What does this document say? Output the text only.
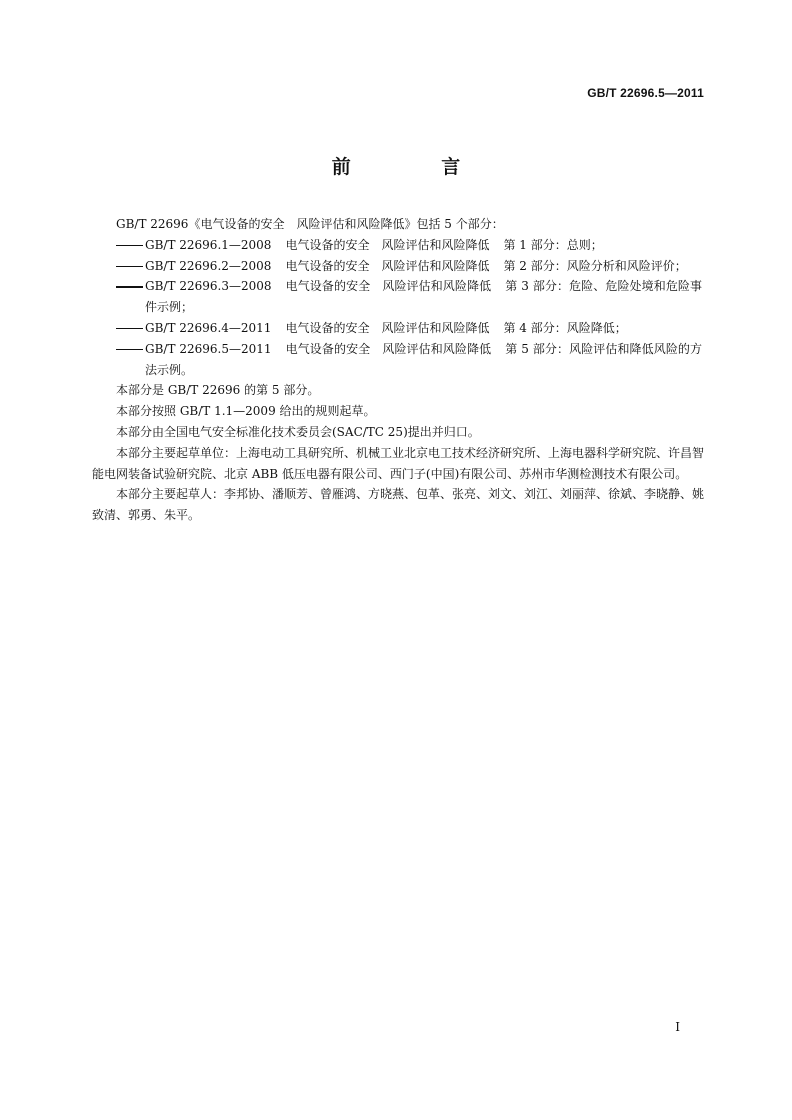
GB/T 22696.5—2011
前 言

GB/T 22696《电气设备的安全　风险评估和风险降低》包括 5 个部分：

GB/T 22696.1—2008 电气设备的安全　风险评估和风险降低 第 1 部分：总则；
GB/T 22696.2—2008 电气设备的安全　风险评估和风险降低 第 2 部分：风险分析和风险评价；
GB/T 22696.3—2008 电气设备的安全　风险评估和风险降低 第 3 部分：危险、危险处境和危险事件示例；
GB/T 22696.4—2011 电气设备的安全　风险评估和风险降低 第 4 部分：风险降低；
GB/T 22696.5—2011 电气设备的安全　风险评估和风险降低 第 5 部分：风险评估和降低风险的方法示例。

本部分是 GB/T 22696 的第 5 部分。

本部分按照 GB/T 1.1—2009 给出的规则起草。

本部分由全国电气安全标准化技术委员会(SAC/TC 25)提出并归口。

本部分主要起草单位：上海电动工具研究所、机械工业北京电工技术经济研究所、上海电器科学研究院、许昌智能电网装备试验研究院、北京 ABB 低压电器有限公司、西门子(中国)有限公司、苏州市华测检测技术有限公司。

本部分主要起草人：李邦协、潘顺芳、曾雁鸿、方晓燕、包革、张亮、刘文、刘江、刘丽萍、徐斌、李晓静、姚致清、郭勇、朱平。

I
